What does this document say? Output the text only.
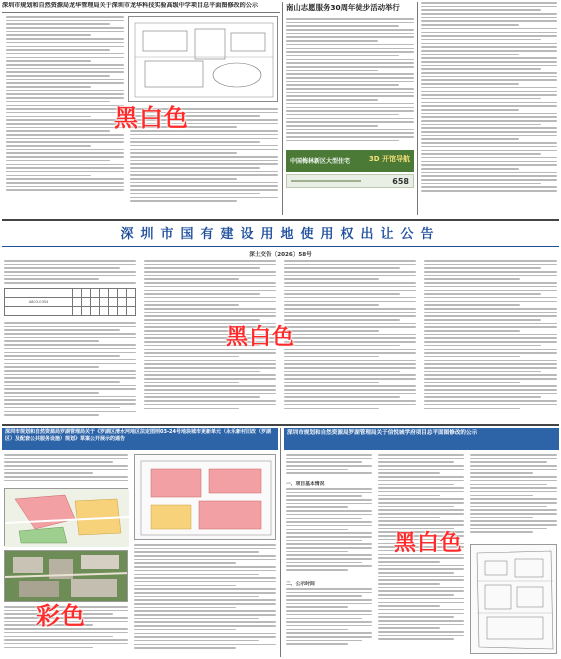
深圳市规划和自然资源局龙华管理局关于深圳市龙华科技实验高级中学项目总平面图修改的公示
黑白色
南山志愿服务30周年徒步活动举行
中国梅林新区大型住宅	3D 开馆导航
658
深圳市国有建设用地使用权出让公告
深土交告〔2026〕58号

A803-0354							

黑白色
深圳市规划和自然资源局罗湖管理局关于《罗湖区清水河地区法定图则03-24号地块城市更新单元（永乐新村旧改（罗湖区）及配套公共服务设施）规划》草案公开展示的通告
彩色
深圳市规划和自然资源局罗湖管理局关于信悦城学府项目总平面图修改的公示
一、项目基本情况
二、公示时间
黑白色
